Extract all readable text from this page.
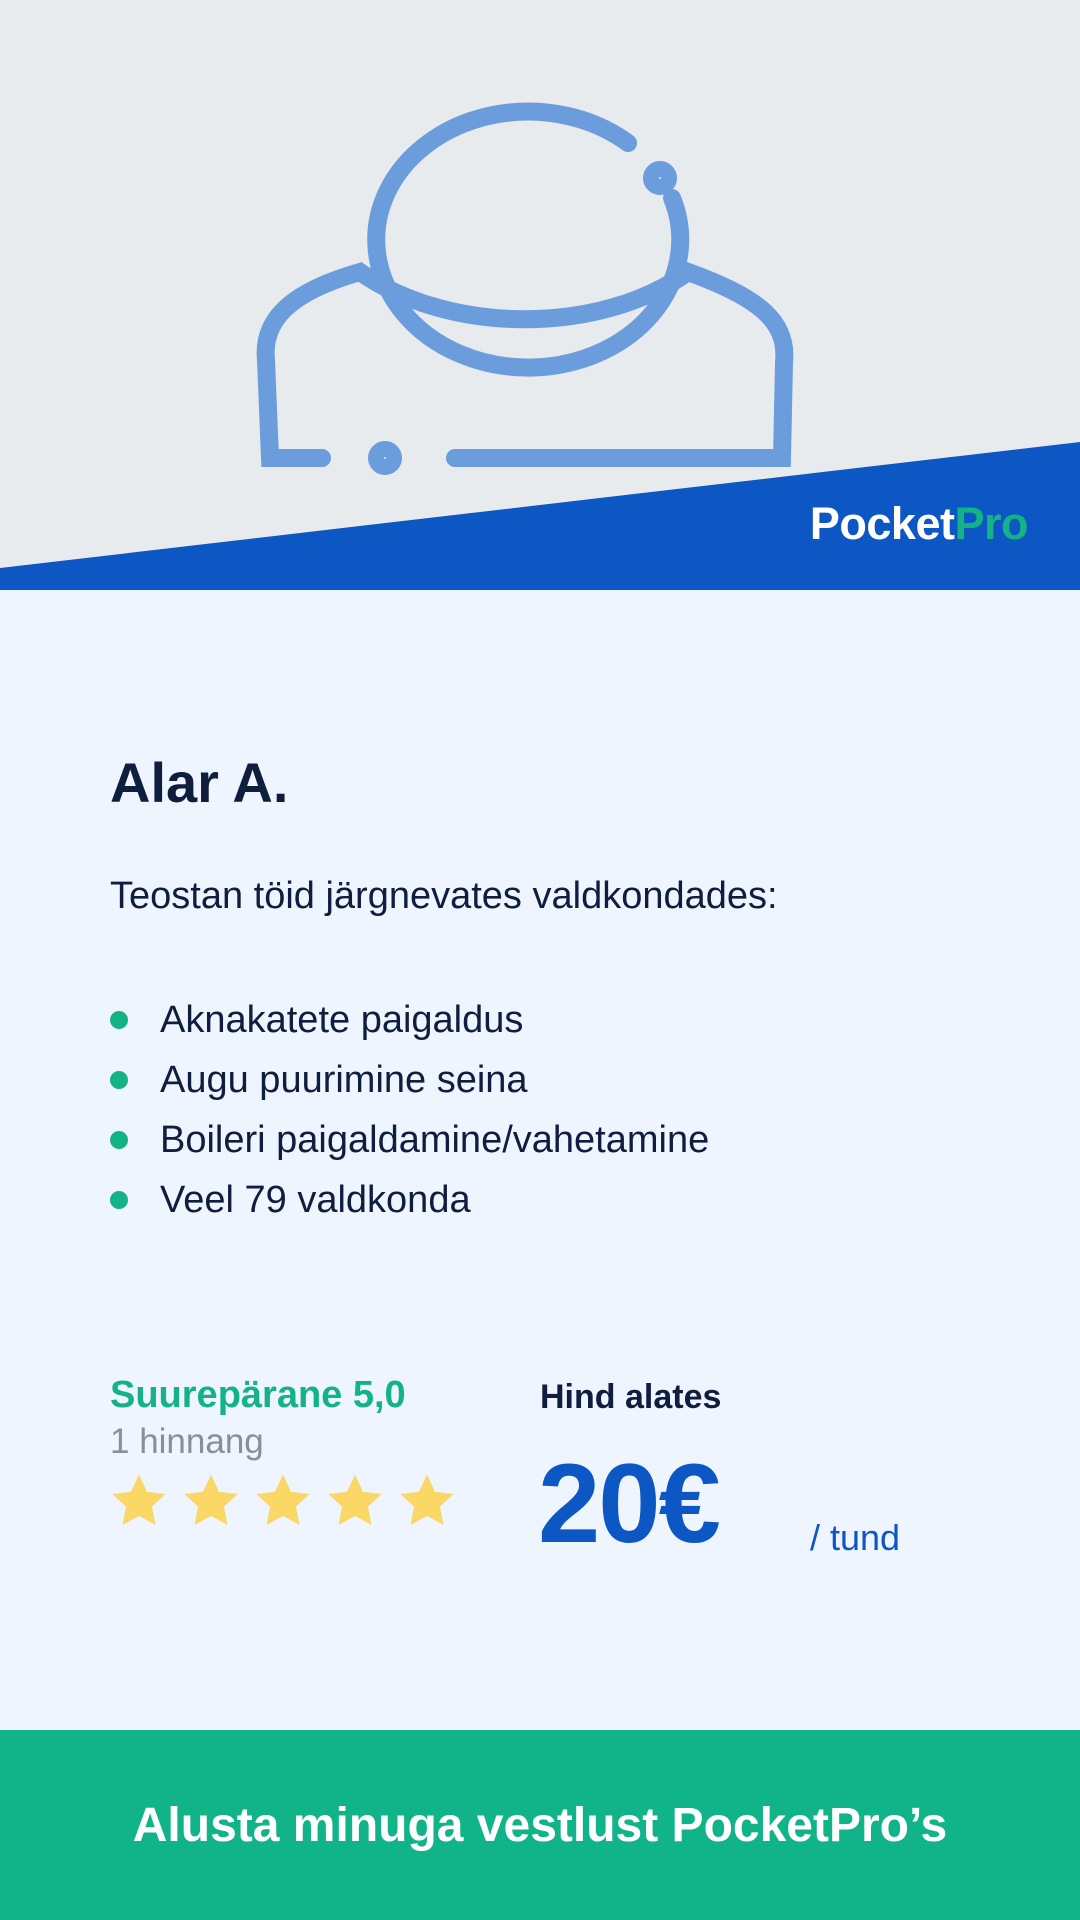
PocketPro
Alar A.
Teostan töid järgnevates valdkondades:
Aknakatete paigaldus
Augu puurimine seina
Boileri paigaldamine/vahetamine
Veel 79 valdkonda
Suurepärane 5,0
1 hinnang
Hind alates
20€	/ tund
Alusta minuga vestlust PocketPro’s
